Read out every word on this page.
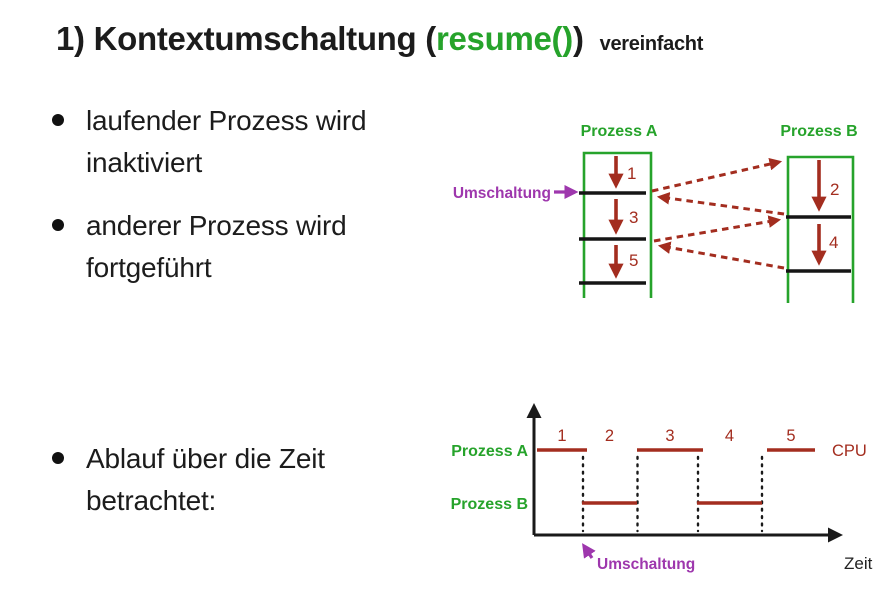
1) Kontextumschaltung (resume()) vereinfacht
laufender Prozess wird
inaktiviert
anderer Prozess wird
fortgeführt
Ablauf über die Zeit
betrachtet:
Prozess A	Prozess B
1
3
5
2
4
Umschaltung
Prozess A
Prozess B
1 2	3	4	5
CPU
Zeit
Umschaltung
